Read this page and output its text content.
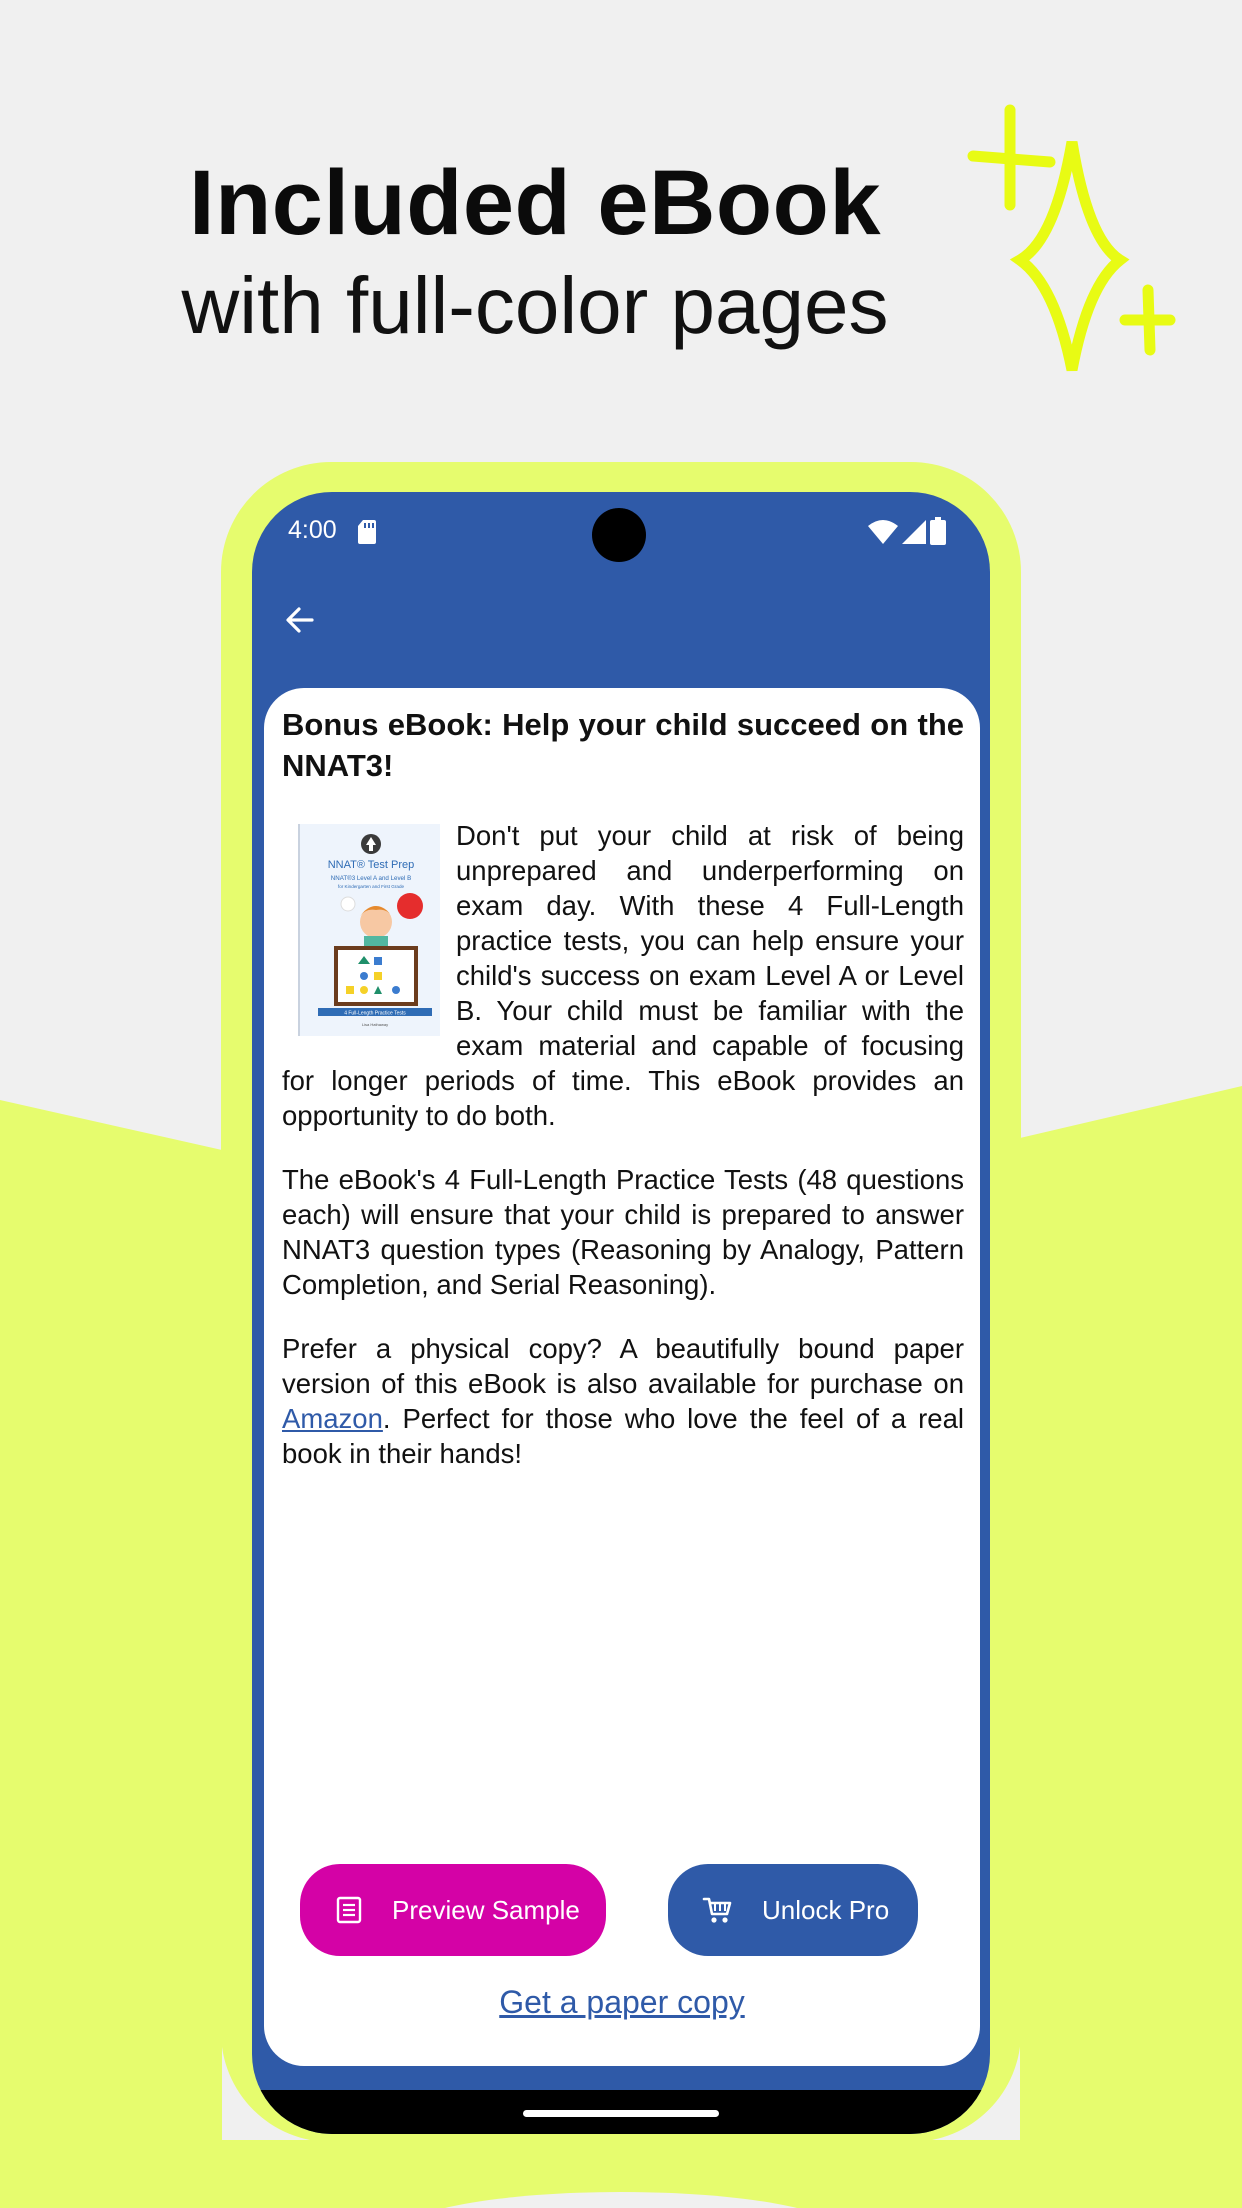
Included eBook
with full-color pages
4:00
Bonus eBook: Help your child succeed on the NNAT3!

NNAT® Test Prep
NNAT®3 Level A and Level B
for Kindergarten and First Grade
4 Full-Length Practice Tests
Lisa Hathaway
Don't put your child at risk of being unprepared and underperforming on exam day. With these 4 Full-Length practice tests, you can help ensure your child's success on exam Level A or Level B. Your child must be familiar with the exam material and capable of focusing for longer periods of time. This eBook provides an opportunity to do both.

The eBook's 4 Full-Length Practice Tests (48 questions each) will ensure that your child is prepared to answer NNAT3 question types (Reasoning by Analogy, Pattern Completion, and Serial Reasoning).

Prefer a physical copy? A beautifully bound paper version of this eBook is also available for purchase on Amazon. Perfect for those who love the feel of a real book in their hands!

Preview Sample	Unlock Pro
Get a paper copy
